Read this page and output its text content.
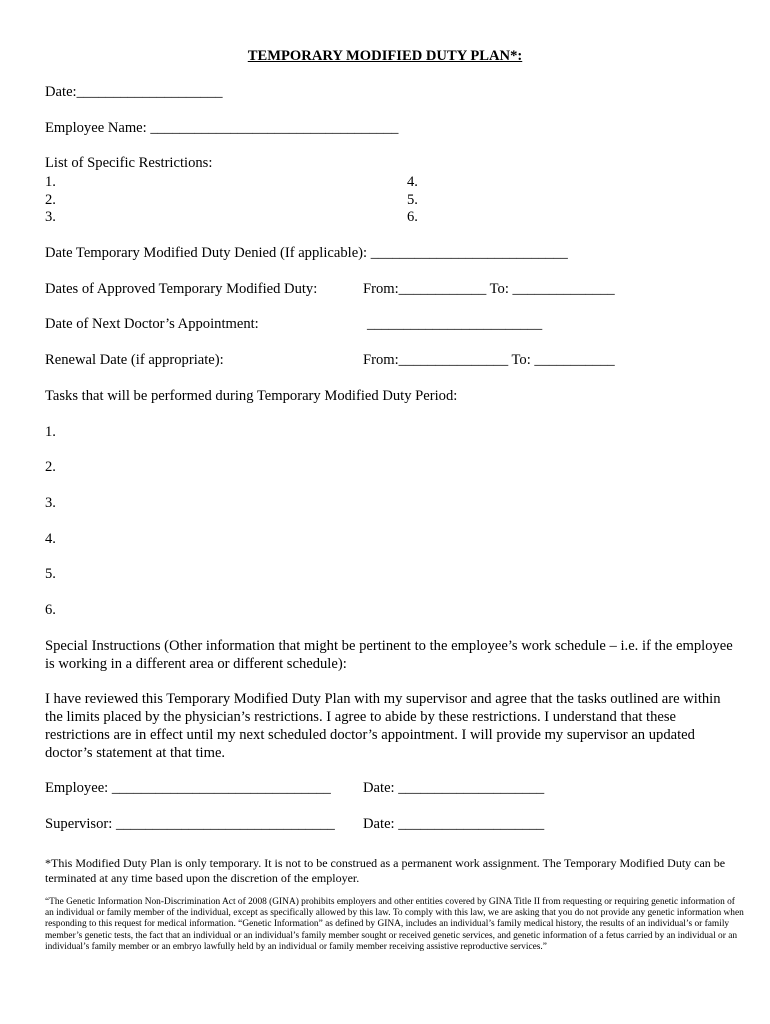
TEMPORARY MODIFIED DUTY PLAN*:
Date:____________________
Employee Name: __________________________________
List of Specific Restrictions:
1.
2.
3.
4.
5.
6.
Date Temporary Modified Duty Denied (If applicable): ___________________________
Dates of Approved Temporary Modified Duty:	From:____________ To: ______________
Date of Next Doctor’s Appointment:	________________________
Renewal Date (if appropriate):	From:_______________ To: ___________
Tasks that will be performed during Temporary Modified Duty Period:
1.
2.
3.
4.
5.
6.
Special Instructions (Other information that might be pertinent to the employee’s work schedule – i.e. if the employee is working in a different area or different schedule):
I have reviewed this Temporary Modified Duty Plan with my supervisor and agree that the tasks outlined are within the limits placed by the physician’s restrictions. I agree to abide by these restrictions. I understand that these restrictions are in effect until my next scheduled doctor’s appointment. I will provide my supervisor an updated doctor’s statement at that time.
Employee: ______________________________ Date: ____________________
Supervisor: ______________________________ Date: ____________________
*This Modified Duty Plan is only temporary. It is not to be construed as a permanent work assignment. The Temporary Modified Duty can be terminated at any time based upon the discretion of the employer.
“The Genetic Information Non-Discrimination Act of 2008 (GINA) prohibits employers and other entities covered by GINA Title II from requesting or requiring genetic information of an individual or family member of the individual, except as specifically allowed by this law. To comply with this law, we are asking that you do not provide any genetic information when responding to this request for medical information. “Genetic Information” as defined by GINA, includes an individual’s family medical history, the results of an individual’s or family member’s genetic tests, the fact that an individual or an individual’s family member sought or received genetic services, and genetic information of a fetus carried by an individual or an individual’s family member or an embryo lawfully held by an individual or family member receiving assistive reproductive services.”
